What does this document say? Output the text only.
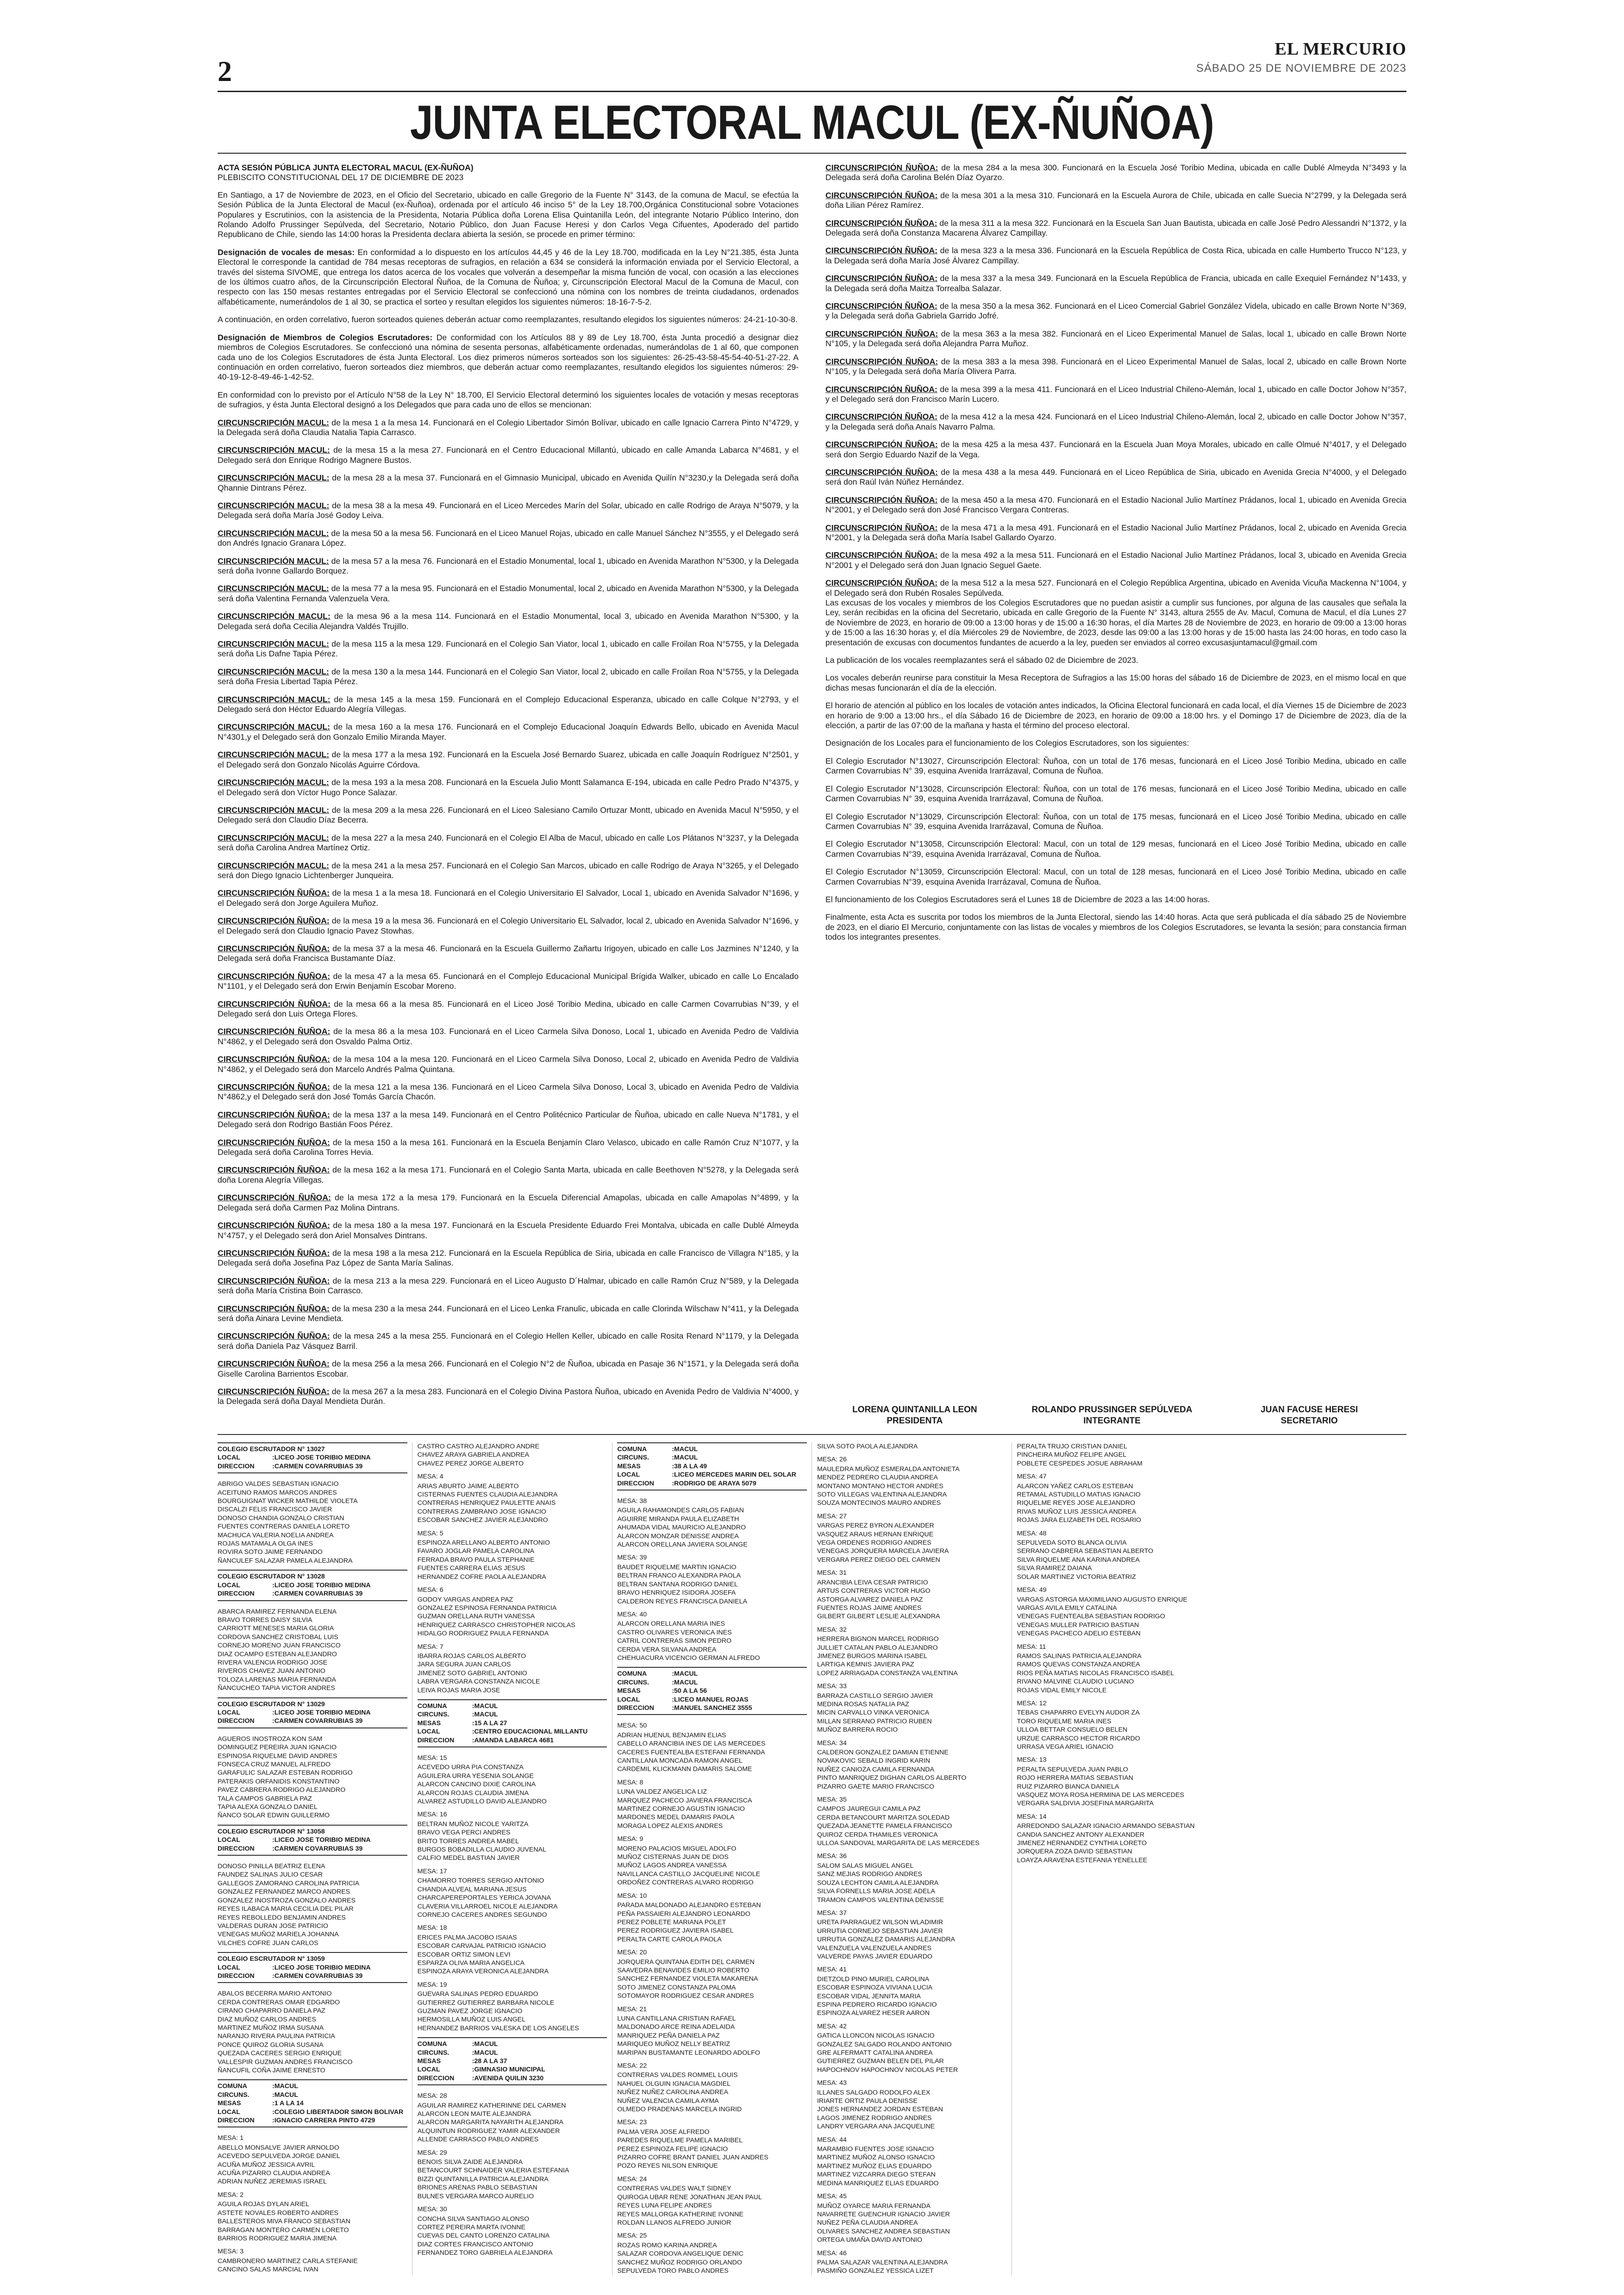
2
EL MERCURIO
SÁBADO 25 DE NOVIEMBRE DE 2023
JUNTA ELECTORAL MACUL (EX-ÑUÑOA)

ACTA SESIÓN PÚBLICA JUNTA ELECTORAL MACUL (EX-ÑUÑOA)

PLEBISCITO CONSTITUCIONAL DEL 17 DE DICIEMBRE DE 2023

En Santiago, a 17 de Noviembre de 2023, en el Oficio del Secretario, ubicado en calle Gregorio de la Fuente N° 3143, de la comuna de Macul, se efectúa la Sesión Pública de la Junta Electoral de Macul (ex-Ñuñoa), ordenada por el artículo 46 inciso 5° de la Ley 18.700,Orgánica Constitucional sobre Votaciones Populares y Escrutinios, con la asistencia de la Presidenta, Notaria Pública doña Lorena Elisa Quintanilla León, del integrante Notario Público Interino, don Rolando Adolfo Prussinger Sepúlveda, del Secretario, Notario Público, don Juan Facuse Heresi y don Carlos Vega Cifuentes, Apoderado del partido Republicano de Chile, siendo las 14:00 horas la Presidenta declara abierta la sesión, se procede en primer término:

Designación de vocales de mesas: En conformidad a lo dispuesto en los artículos 44,45 y 46 de la Ley 18.700, modificada en la Ley N°21.385, ésta Junta Electoral le corresponde la cantidad de 784 mesas receptoras de sufragios, en relación a 634 se considerá la información enviada por el Servicio Electoral, a través del sistema SIVOME, que entrega los datos acerca de los vocales que volverán a desempeñar la misma función de vocal, con ocasión a las elecciones de los últimos cuatro años, de la Circunscripción Electoral Ñuñoa, de la Comuna de Ñuñoa; y, Circunscripción Electoral Macul de la Comuna de Macul, con respecto con las 150 mesas restantes entregadas por el Servicio Electoral se confeccionó una nómina con los nombres de treinta ciudadanos, ordenados alfabéticamente, numerándolos de 1 al 30, se practica el sorteo y resultan elegidos los siguientes números: 18-16-7-5-2.

A continuación, en orden correlativo, fueron sorteados quienes deberán actuar como reemplazantes, resultando elegidos los siguientes números: 24-21-10-30-8.

Designación de Miembros de Colegios Escrutadores: De conformidad con los Artículos 88 y 89 de Ley 18.700, ésta Junta procedió a designar diez miembros de Colegios Escrutadores. Se confeccionó una nómina de sesenta personas, alfabéticamente ordenadas, numerándolas de 1 al 60, que componen cada uno de los Colegios Escrutadores de ésta Junta Electoral. Los diez primeros números sorteados son los siguientes: 26-25-43-58-45-54-40-51-27-22. A continuación en orden correlativo, fueron sorteados diez miembros, que deberán actuar como reemplazantes, resultando elegidos los siguientes números: 29-40-19-12-8-49-46-1-42-52.

En conformidad con lo previsto por el Artículo N°58 de la Ley N° 18.700, El Servicio Electoral determinó los siguientes locales de votación y mesas receptoras de sufragios, y ésta Junta Electoral designó a los Delegados que para cada uno de ellos se mencionan:

CIRCUNSCRIPCIÓN MACUL: de la mesa 1 a la mesa 14. Funcionará en el Colegio Libertador Simón Bolívar, ubicado en calle Ignacio Carrera Pinto N°4729, y la Delegada será doña Claudia Natalia Tapia Carrasco.

CIRCUNSCRIPCIÓN MACUL: de la mesa 15 a la mesa 27. Funcionará en el Centro Educacional Millantú, ubicado en calle Amanda Labarca N°4681, y el Delegado será don Enrique Rodrigo Magnere Bustos.

CIRCUNSCRIPCIÓN MACUL: de la mesa 28 a la mesa 37. Funcionará en el Gimnasio Municipal, ubicado en Avenida Quilín N°3230,y la Delegada será doña Qhannie Dintrans Pérez.

CIRCUNSCRIPCIÓN MACUL: de la mesa 38 a la mesa 49. Funcionará en el Liceo Mercedes Marín del Solar, ubicado en calle Rodrigo de Araya N°5079, y la Delegada será doña María José Godoy Leiva.

CIRCUNSCRIPCIÓN MACUL: de la mesa 50 a la mesa 56. Funcionará en el Liceo Manuel Rojas, ubicado en calle Manuel Sánchez N°3555, y el Delegado será don Andrés Ignacio Granara López.

CIRCUNSCRIPCIÓN MACUL: de la mesa 57 a la mesa 76. Funcionará en el Estadio Monumental, local 1, ubicado en Avenida Marathon N°5300, y la Delegada será doña Ivonne Gallardo Borquez.

CIRCUNSCRIPCIÓN MACUL: de la mesa 77 a la mesa 95. Funcionará en el Estadio Monumental, local 2, ubicado en Avenida Marathon N°5300, y la Delegada será doña Valentina Fernanda Valenzuela Vera.

CIRCUNSCRIPCIÓN MACUL: de la mesa 96 a la mesa 114. Funcionará en el Estadio Monumental, local 3, ubicado en Avenida Marathon N°5300, y la Delegada será doña Cecilia Alejandra Valdés Trujillo.

CIRCUNSCRIPCIÓN MACUL: de la mesa 115 a la mesa 129. Funcionará en el Colegio San Viator, local 1, ubicado en calle Froilan Roa N°5755, y la Delegada será doña Lis Dafne Tapia Pérez.

CIRCUNSCRIPCIÓN MACUL: de la mesa 130 a la mesa 144. Funcionará en el Colegio San Viator, local 2, ubicado en calle Froilan Roa N°5755, y la Delegada será doña Fresia Libertad Tapia Pérez.

CIRCUNSCRIPCIÓN MACUL: de la mesa 145 a la mesa 159. Funcionará en el Complejo Educacional Esperanza, ubicado en calle Colque N°2793, y el Delegado será don Héctor Eduardo Alegría Villegas.

CIRCUNSCRIPCIÓN MACUL: de la mesa 160 a la mesa 176. Funcionará en el Complejo Educacional Joaquín Edwards Bello, ubicado en Avenida Macul N°4301,y el Delegado será don Gonzalo Emilio Miranda Mayer.

CIRCUNSCRIPCIÓN MACUL: de la mesa 177 a la mesa 192. Funcionará en la Escuela José Bernardo Suarez, ubicada en calle Joaquín Rodríguez N°2501, y el Delegado será don Gonzalo Nicolás Aguirre Córdova.

CIRCUNSCRIPCIÓN MACUL: de la mesa 193 a la mesa 208. Funcionará en la Escuela Julio Montt Salamanca E-194, ubicada en calle Pedro Prado N°4375, y el Delegado será don Víctor Hugo Ponce Salazar.

CIRCUNSCRIPCIÓN MACUL: de la mesa 209 a la mesa 226. Funcionará en el Liceo Salesiano Camilo Ortuzar Montt, ubicado en Avenida Macul N°5950, y el Delegado será don Claudio Díaz Becerra.

CIRCUNSCRIPCIÓN MACUL: de la mesa 227 a la mesa 240. Funcionará en el Colegio El Alba de Macul, ubicado en calle Los Plátanos N°3237, y la Delegada será doña Carolina Andrea Martínez Ortiz.

CIRCUNSCRIPCIÓN MACUL: de la mesa 241 a la mesa 257. Funcionará en el Colegio San Marcos, ubicado en calle Rodrigo de Araya N°3265, y el Delegado será don Diego Ignacio Lichtenberger Junqueira.

CIRCUNSCRIPCIÓN ÑUÑOA: de la mesa 1 a la mesa 18. Funcionará en el Colegio Universitario El Salvador, Local 1, ubicado en Avenida Salvador N°1696, y el Delegado será don Jorge Aguilera Muñoz.

CIRCUNSCRIPCIÓN ÑUÑOA: de la mesa 19 a la mesa 36. Funcionará en el Colegio Universitario EL Salvador, local 2, ubicado en Avenida Salvador N°1696, y el Delegado será don Claudio Ignacio Pavez Stowhas.

CIRCUNSCRIPCIÓN ÑUÑOA: de la mesa 37 a la mesa 46. Funcionará en la Escuela Guillermo Zañartu Irigoyen, ubicado en calle Los Jazmines N°1240, y la Delegada será doña Francisca Bustamante Díaz.

CIRCUNSCRIPCIÓN ÑUÑOA: de la mesa 47 a la mesa 65. Funcionará en el Complejo Educacional Municipal Brígida Walker, ubicado en calle Lo Encalado N°1101, y el Delegado será don Erwin Benjamín Escobar Moreno.

CIRCUNSCRIPCIÓN ÑUÑOA: de la mesa 66 a la mesa 85. Funcionará en el Liceo José Toribio Medina, ubicado en calle Carmen Covarrubias N°39, y el Delegado será don Luis Ortega Flores.

CIRCUNSCRIPCIÓN ÑUÑOA: de la mesa 86 a la mesa 103. Funcionará en el Liceo Carmela Silva Donoso, Local 1, ubicado en Avenida Pedro de Valdivia N°4862, y el Delegado será don Osvaldo Palma Ortiz.

CIRCUNSCRIPCIÓN ÑUÑOA: de la mesa 104 a la mesa 120. Funcionará en el Liceo Carmela Silva Donoso, Local 2, ubicado en Avenida Pedro de Valdivia N°4862, y el Delegado será don Marcelo Andrés Palma Quintana.

CIRCUNSCRIPCIÓN ÑUÑOA: de la mesa 121 a la mesa 136. Funcionará en el Liceo Carmela Silva Donoso, Local 3, ubicado en Avenida Pedro de Valdivia N°4862,y el Delegado será don José Tomás García Chacón.

CIRCUNSCRIPCIÓN ÑUÑOA: de la mesa 137 a la mesa 149. Funcionará en el Centro Politécnico Particular de Ñuñoa, ubicado en calle Nueva N°1781, y el Delegado será don Rodrigo Bastián Foos Pérez.

CIRCUNSCRIPCIÓN ÑUÑOA: de la mesa 150 a la mesa 161. Funcionará en la Escuela Benjamín Claro Velasco, ubicado en calle Ramón Cruz N°1077, y la Delegada será doña Carolina Torres Hevia.

CIRCUNSCRIPCIÓN ÑUÑOA: de la mesa 162 a la mesa 171. Funcionará en el Colegio Santa Marta, ubicada en calle Beethoven N°5278, y la Delegada será doña Lorena Alegría Villegas.

CIRCUNSCRIPCIÓN ÑUÑOA: de la mesa 172 a la mesa 179. Funcionará en la Escuela Diferencial Amapolas, ubicada en calle Amapolas N°4899, y la Delegada será doña Carmen Paz Molina Dintrans.

CIRCUNSCRIPCIÓN ÑUÑOA: de la mesa 180 a la mesa 197. Funcionará en la Escuela Presidente Eduardo Frei Montalva, ubicada en calle Dublé Almeyda N°4757, y el Delegado será don Ariel Monsalves Dintrans.

CIRCUNSCRIPCIÓN ÑUÑOA: de la mesa 198 a la mesa 212. Funcionará en la Escuela República de Siria, ubicada en calle Francisco de Villagra N°185, y la Delegada será doña Josefina Paz López de Santa María Salinas.

CIRCUNSCRIPCIÓN ÑUÑOA: de la mesa 213 a la mesa 229. Funcionará en el Liceo Augusto D´Halmar, ubicado en calle Ramón Cruz N°589, y la Delegada será doña María Cristina Boin Carrasco.

CIRCUNSCRIPCIÓN ÑUÑOA: de la mesa 230 a la mesa 244. Funcionará en el Liceo Lenka Franulic, ubicada en calle Clorinda Wilschaw N°411, y la Delegada será doña Ainara Levine Mendieta.

CIRCUNSCRIPCIÓN ÑUÑOA: de la mesa 245 a la mesa 255. Funcionará en el Colegio Hellen Keller, ubicado en calle Rosita Renard N°1179, y la Delegada será doña Daniela Paz Vásquez Barril.

CIRCUNSCRIPCIÓN ÑUÑOA: de la mesa 256 a la mesa 266. Funcionará en el Colegio N°2 de Ñuñoa, ubicada en Pasaje 36 N°1571, y la Delegada será doña Giselle Carolina Barrientos Escobar.

CIRCUNSCRIPCIÓN ÑUÑOA: de la mesa 267 a la mesa 283. Funcionará en el Colegio Divina Pastora Ñuñoa, ubicado en Avenida Pedro de Valdivia N°4000, y la Delegada será doña Dayal Mendieta Durán.

CIRCUNSCRIPCIÓN ÑUÑOA: de la mesa 284 a la mesa 300. Funcionará en la Escuela José Toribio Medina, ubicada en calle Dublé Almeyda N°3493 y la Delegada será doña Carolina Belén Díaz Oyarzo.

CIRCUNSCRIPCIÓN ÑUÑOA: de la mesa 301 a la mesa 310. Funcionará en la Escuela Aurora de Chile, ubicada en calle Suecia N°2799, y la Delegada será doña Lilian Pérez Ramírez.

CIRCUNSCRIPCIÓN ÑUÑOA: de la mesa 311 a la mesa 322. Funcionará en la Escuela San Juan Bautista, ubicada en calle José Pedro Alessandri N°1372, y la Delegada será doña Constanza Macarena Álvarez Campillay.

CIRCUNSCRIPCIÓN ÑUÑOA: de la mesa 323 a la mesa 336. Funcionará en la Escuela República de Costa Rica, ubicada en calle Humberto Trucco N°123, y la Delegada será doña María José Álvarez Campillay.

CIRCUNSCRIPCIÓN ÑUÑOA: de la mesa 337 a la mesa 349. Funcionará en la Escuela República de Francia, ubicada en calle Exequiel Fernández N°1433, y la Delegada será doña Maitza Torrealba Salazar.

CIRCUNSCRIPCIÓN ÑUÑOA: de la mesa 350 a la mesa 362. Funcionará en el Liceo Comercial Gabriel González Videla, ubicado en calle Brown Norte N°369, y la Delegada será doña Gabriela Garrido Jofré.

CIRCUNSCRIPCIÓN ÑUÑOA: de la mesa 363 a la mesa 382. Funcionará en el Liceo Experimental Manuel de Salas, local 1, ubicado en calle Brown Norte N°105, y la Delegada será doña Alejandra Parra Muñoz.

CIRCUNSCRIPCIÓN ÑUÑOA: de la mesa 383 a la mesa 398. Funcionará en el Liceo Experimental Manuel de Salas, local 2, ubicado en calle Brown Norte N°105, y la Delegada será doña María Olivera Parra.

CIRCUNSCRIPCIÓN ÑUÑOA: de la mesa 399 a la mesa 411. Funcionará en el Liceo Industrial Chileno-Alemán, local 1, ubicado en calle Doctor Johow N°357, y el Delegado será don Francisco Marín Lucero.

CIRCUNSCRIPCIÓN ÑUÑOA: de la mesa 412 a la mesa 424. Funcionará en el Liceo Industrial Chileno-Alemán, local 2, ubicado en calle Doctor Johow N°357, y la Delegada será doña Anaís Navarro Palma.

CIRCUNSCRIPCIÓN ÑUÑOA: de la mesa 425 a la mesa 437. Funcionará en la Escuela Juan Moya Morales, ubicado en calle Olmué N°4017, y el Delegado será don Sergio Eduardo Nazif de la Vega.

CIRCUNSCRIPCIÓN ÑUÑOA: de la mesa 438 a la mesa 449. Funcionará en el Liceo República de Siria, ubicado en Avenida Grecia N°4000, y el Delegado será don Raúl Iván Núñez Hernández.

CIRCUNSCRIPCIÓN ÑUÑOA: de la mesa 450 a la mesa 470. Funcionará en el Estadio Nacional Julio Martínez Prádanos, local 1, ubicado en Avenida Grecia N°2001, y el Delegado será don José Francisco Vergara Contreras.

CIRCUNSCRIPCIÓN ÑUÑOA: de la mesa 471 a la mesa 491. Funcionará en el Estadio Nacional Julio Martínez Prádanos, local 2, ubicado en Avenida Grecia N°2001, y la Delegada será doña María Isabel Gallardo Oyarzo.

CIRCUNSCRIPCIÓN ÑUÑOA: de la mesa 492 a la mesa 511. Funcionará en el Estadio Nacional Julio Martínez Prádanos, local 3, ubicado en Avenida Grecia N°2001 y el Delegado será don Juan Ignacio Seguel Gaete.

CIRCUNSCRIPCIÓN ÑUÑOA: de la mesa 512 a la mesa 527. Funcionará en el Colegio República Argentina, ubicado en Avenida Vicuña Mackenna N°1004, y el Delegado será don Rubén Rosales Sepúlveda.

Las excusas de los vocales y miembros de los Colegios Escrutadores que no puedan asistir a cumplir sus funciones, por alguna de las causales que señala la Ley, serán recibidas en la oficina del Secretario, ubicada en calle Gregorio de la Fuente N° 3143, altura 2555 de Av. Macul, Comuna de Macul, el día Lunes 27 de Noviembre de 2023, en horario de 09:00 a 13:00 horas y de 15:00 a 16:30 horas, el día Martes 28 de Noviembre de 2023, en horario de 09:00 a 13:00 horas y de 15:00 a las 16:30 horas y, el día Miércoles 29 de Noviembre, de 2023, desde las 09:00 a las 13:00 horas y de 15:00 hasta las 24:00 horas, en todo caso la presentación de excusas con documentos fundantes de acuerdo a la ley, pueden ser enviados al correo excusasjuntamacul@gmail.com

La publicación de los vocales reemplazantes será el sábado 02 de Diciembre de 2023.

Los vocales deberán reunirse para constituir la Mesa Receptora de Sufragios a las 15:00 horas del sábado 16 de Diciembre de 2023, en el mismo local en que dichas mesas funcionarán el día de la elección.

El horario de atención al público en los locales de votación antes indicados, la Oficina Electoral funcionará en cada local, el día Viernes 15 de Diciembre de 2023 en horario de 9:00 a 13:00 hrs., el día Sábado 16 de Diciembre de 2023, en horario de 09:00 a 18:00 hrs. y el Domingo 17 de Diciembre de 2023, día de la elección, a partir de las 07:00 de la mañana y hasta el término del proceso electoral.

Designación de los Locales para el funcionamiento de los Colegios Escrutadores, son los siguientes:

El Colegio Escrutador N°13027, Circunscripción Electoral: Ñuñoa, con un total de 176 mesas, funcionará en el Liceo José Toribio Medina, ubicado en calle Carmen Covarrubias N° 39, esquina Avenida Irarrázaval, Comuna de Ñuñoa.

El Colegio Escrutador N°13028, Circunscripción Electoral: Ñuñoa, con un total de 176 mesas, funcionará en el Liceo José Toribio Medina, ubicado en calle Carmen Covarrubias N° 39, esquina Avenida Irarrázaval, Comuna de Ñuñoa.

El Colegio Escrutador N°13029, Circunscripción Electoral: Ñuñoa, con un total de 175 mesas, funcionará en el Liceo José Toribio Medina, ubicado en calle Carmen Covarrubias N° 39, esquina Avenida Irarrázaval, Comuna de Ñuñoa.

El Colegio Escrutador N°13058, Circunscripción Electoral: Macul, con un total de 129 mesas, funcionará en el Liceo José Toribio Medina, ubicado en calle Carmen Covarrubias N°39, esquina Avenida Irarrázaval, Comuna de Ñuñoa.

El Colegio Escrutador N°13059, Circunscripción Electoral: Macul, con un total de 128 mesas, funcionará en el Liceo José Toribio Medina, ubicado en calle Carmen Covarrubias N°39, esquina Avenida Irarrázaval, Comuna de Ñuñoa.

El funcionamiento de los Colegios Escrutadores será el Lunes 18 de Diciembre de 2023 a las 14:00 horas.

Finalmente, esta Acta es suscrita por todos los miembros de la Junta Electoral, siendo las 14:40 horas. Acta que será publicada el día sábado 25 de Noviembre de 2023, en el diario El Mercurio, conjuntamente con las listas de vocales y miembros de los Colegios Escrutadores, se levanta la sesión; para constancia firman todos los integrantes presentes.

LORENA QUINTANILLA LEON
PRESIDENTA
ROLANDO PRUSSINGER SEPÚLVEDA
INTEGRANTE
JUAN FACUSE HERESI
SECRETARIO
COLEGIO ESCRUTADOR N° 13027
LOCAL	:LICEO JOSE TORIBIO MEDINA
DIRECCION	:CARMEN COVARRUBIAS 39
ABRIGO VALDES SEBASTIAN IGNACIO
ACEITUNO RAMOS MARCOS ANDRES
BOURGUIGNAT WICKER MATHILDE VIOLETA
DISCALZI FELIS FRANCISCO JAVIER
DONOSO CHANDIA GONZALO CRISTIAN
FUENTES CONTRERAS DANIELA LORETO
MACHUCA VALERIA NOELIA ANDREA
ROJAS MATAMALA OLGA INES
ROVIRA SOTO JAIME FERNANDO
ÑANCULEF SALAZAR PAMELA ALEJANDRA
COLEGIO ESCRUTADOR N° 13028
LOCAL	:LICEO JOSE TORIBIO MEDINA
DIRECCION	:CARMEN COVARRUBIAS 39
ABARCA RAMIREZ FERNANDA ELENA
BRAVO TORRES DAISY SILVIA
CARRIOTT MENESES MARIA GLORIA
CORDOVA SANCHEZ CRISTOBAL LUIS
CORNEJO MORENO JUAN FRANCISCO
DIAZ OCAMPO ESTEBAN ALEJANDRO
RIVERA VALENCIA RODRIGO JOSE
RIVEROS CHAVEZ JUAN ANTONIO
TOLOZA LARENAS MARIA FERNANDA
ÑANCUCHEO TAPIA VICTOR ANDRES
COLEGIO ESCRUTADOR N° 13029
LOCAL	:LICEO JOSE TORIBIO MEDINA
DIRECCION	:CARMEN COVARRUBIAS 39
AGUEROS INOSTROZA KON SAM
DOMINGUEZ PEREIRA JUAN IGNACIO
ESPINOSA RIQUELME DAVID ANDRES
FONSECA CRUZ MANUEL ALFREDO
GARAFULIC SALAZAR ESTEBAN RODRIGO
PATERAKIS ORFANIDIS KONSTANTINO
PAVEZ CABRERA RODRIGO ALEJANDRO
TALA CAMPOS GABRIELA PAZ
TAPIA ALEXA GONZALO DANIEL
ÑANCO SOLAR EDWIN GUILLERMO
COLEGIO ESCRUTADOR N° 13058
LOCAL	:LICEO JOSE TORIBIO MEDINA
DIRECCION	:CARMEN COVARRUBIAS 39
DONOSO PINILLA BEATRIZ ELENA
FAUNDEZ SALINAS JULIO CESAR
GALLEGOS ZAMORANO CAROLINA PATRICIA
GONZALEZ FERNANDEZ MARCO ANDRES
GONZALEZ INOSTROZA GONZALO ANDRES
REYES ILABACA MARIA CECILIA DEL PILAR
REYES REBOLLEDO BENJAMIN ANDRES
VALDERAS DURAN JOSE PATRICIO
VENEGAS MUÑOZ MARIELA JOHANNA
VILCHES COFRE JUAN CARLOS
COLEGIO ESCRUTADOR N° 13059
LOCAL	:LICEO JOSE TORIBIO MEDINA
DIRECCION	:CARMEN COVARRUBIAS 39
ABALOS BECERRA MARIO ANTONIO
CERDA CONTRERAS OMAR EDGARDO
CIRANO CHAPARRO DANIELA PAZ
DIAZ MUÑOZ CARLOS ANDRES
MARTINEZ MUÑOZ IRMA SUSANA
NARANJO RIVERA PAULINA PATRICIA
PONCE QUIROZ GLORIA SUSANA
QUEZADA CACERES SERGIO ENRIQUE
VALLESPIR GUZMAN ANDRES FRANCISCO
ÑANCUFIL COÑA JAIME ERNESTO
COMUNA	:MACUL
CIRCUNS.	:MACUL
MESAS	:1 A LA 14
LOCAL	:COLEGIO LIBERTADOR SIMON BOLIVAR
DIRECCION	:IGNACIO CARRERA PINTO 4729
MESA: 1
ABELLO MONSALVE JAVIER ARNOLDO
ACEVEDO SEPULVEDA JORGE DANIEL
ACUÑA MUÑOZ JESSICA AVRIL
ACUÑA PIZARRO CLAUDIA ANDREA
ADRIAN NUÑEZ JEREMIAS ISRAEL
MESA: 2
AGUILA ROJAS DYLAN ARIEL
ASTETE NOVALES ROBERTO ANDRES
BALLESTEROS MIVA FRANCO SEBASTIAN
BARRAGAN MONTERO CARMEN LORETO
BARRIOS RODRIGUEZ MARIA JIMENA
MESA: 3
CAMBRONERO MARTINEZ CARLA STEFANIE
CANCINO SALAS MARCIAL IVAN
CASTRO CASTRO ALEJANDRO ANDRE
CHAVEZ ARAYA GABRIELA ANDREA
CHAVEZ PEREZ JORGE ALBERTO
MESA: 4
ARIAS ABURTO JAIME ALBERTO
CISTERNAS FUENTES CLAUDIA ALEJANDRA
CONTRERAS HENRIQUEZ PAULETTE ANAIS
CONTRERAS ZAMBRANO JOSE IGNACIO
ESCOBAR SANCHEZ JAVIER ALEJANDRO
MESA: 5
ESPINOZA ARELLANO ALBERTO ANTONIO
FAVARO JOGLAR PAMELA CAROLINA
FERRADA BRAVO PAULA STEPHANIE
FUENTES CARRERA ELIAS JESUS
HERNANDEZ COFRE PAOLA ALEJANDRA
MESA: 6
GODOY VARGAS ANDREA PAZ
GONZALEZ ESPINOSA FERNANDA PATRICIA
GUZMAN ORELLANA RUTH VANESSA
HENRIQUEZ CARRASCO CHRISTOPHER NICOLAS
HIDALGO RODRIGUEZ PAULA FERNANDA
MESA: 7
IBARRA ROJAS CARLOS ALBERTO
JARA SEGURA JUAN CARLOS
JIMENEZ SOTO GABRIEL ANTONIO
LABRA VERGARA CONSTANZA NICOLE
LEIVA ROJAS MARIA JOSE
COMUNA	:MACUL
CIRCUNS.	:MACUL
MESAS	:15 A LA 27
LOCAL	:CENTRO EDUCACIONAL MILLANTU
DIRECCION	:AMANDA LABARCA 4681
MESA: 15
ACEVEDO URRA PIA CONSTANZA
AGUILERA URRA YESENIA SOLANGE
ALARCON CANCINO DIXIE CAROLINA
ALARCON ROJAS CLAUDIA JIMENA
ALVAREZ ASTUDILLO DAVID ALEJANDRO
MESA: 16
BELTRAN MUÑOZ NICOLE YARITZA
BRAVO VEGA PERCI ANDRES
BRITO TORRES ANDREA MABEL
BURGOS BOBADILLA CLAUDIO JUVENAL
CALFIO MEDEL BASTIAN JAVIER
MESA: 17
CHAMORRO TORRES SERGIO ANTONIO
CHANDIA ALVEAL MARIANA JESUS
CHARCAPEREPORTALES YERICA JOVANA
CLAVERIA VILLARROEL NICOLE ALEJANDRA
CORNEJO CACERES ANDRES SEGUNDO
MESA: 18
ERICES PALMA JACOBO ISAIAS
ESCOBAR CARVAJAL PATRICIO IGNACIO
ESCOBAR ORTIZ SIMON LEVI
ESPARZA OLIVA MARIA ANGELICA
ESPINOZA ARAYA VERONICA ALEJANDRA
MESA: 19
GUEVARA SALINAS PEDRO EDUARDO
GUTIERREZ GUTIERREZ BARBARA NICOLE
GUZMAN PAVEZ JORGE IGNACIO
HERMOSILLA MUÑOZ LUIS ANGEL
HERNANDEZ BARRIOS VALESKA DE LOS ANGELES
COMUNA	:MACUL
CIRCUNS.	:MACUL
MESAS	:28 A LA 37
LOCAL	:GIMNASIO MUNICIPAL
DIRECCION	:AVENIDA QUILIN 3230
MESA: 28
AGUILAR RAMIREZ KATHERINNE DEL CARMEN
ALARCON LEON MAITE ALEJANDRA
ALARCON MARGARITA NAYARITH ALEJANDRA
ALQUINTUN RODRIGUEZ YAMIR ALEXANDER
ALLENDE CARRASCO PABLO ANDRES
MESA: 29
BENOIS SILVA ZAIDE ALEJANDRA
BETANCOURT SCHNAIDER VALERIA ESTEFANIA
BIZZI QUINTANILLA PATRICIA ALEJANDRA
BRIONES ARENAS PABLO SEBASTIAN
BULNES VERGARA MARCO AURELIO
MESA: 30
CONCHA SILVA SANTIAGO ALONSO
CORTEZ PEREIRA MARTA IVONNE
CUEVAS DEL CANTO LORENZO CATALINA
DIAZ CORTES FRANCISCO ANTONIO
FERNANDEZ TORO GABRIELA ALEJANDRA
COMUNA	:MACUL
CIRCUNS.	:MACUL
MESAS	:38 A LA 49
LOCAL	:LICEO MERCEDES MARIN DEL SOLAR
DIRECCION	:RODRIGO DE ARAYA 5079
MESA: 38
AGUILA RAHAMONDES CARLOS FABIAN
AGUIRRE MIRANDA PAULA ELIZABETH
AHUMADA VIDAL MAURICIO ALEJANDRO
ALARCON MONZAR DENISSE ANDREA
ALARCON ORELLANA JAVIERA SOLANGE
MESA: 39
BAUDET RIQUELME MARTIN IGNACIO
BELTRAN FRANCO ALEXANDRA PAOLA
BELTRAN SANTANA RODRIGO DANIEL
BRAVO HENRIQUEZ ISIDORA JOSEFA
CALDERON REYES FRANCISCA DANIELA
MESA: 40
ALARCON ORELLANA MARIA INES
CASTRO OLIVARES VERONICA INES
CATRIL CONTRERAS SIMON PEDRO
CERDA VERA SILVANA ANDREA
CHEHUACURA VICENCIO GERMAN ALFREDO
COMUNA	:MACUL
CIRCUNS.	:MACUL
MESAS	:50 A LA 56
LOCAL	:LICEO MANUEL ROJAS
DIRECCION	:MANUEL SANCHEZ 3555
MESA: 50
ADRIAN HUENUL BENJAMIN ELIAS
CABELLO ARANCIBIA INES DE LAS MERCEDES
CACERES FUENTEALBA ESTEFANI FERNANDA
CANTILLANA MONCADA RAMON ANGEL
CARDEMIL KLICKMANN DAMARIS SALOME
MESA: 8
LUNA VALDEZ ANGELICA LIZ
MARQUEZ PACHECO JAVIERA FRANCISCA
MARTINEZ CORNEJO AGUSTIN IGNACIO
MARDONES MEDEL DAMARIS PAOLA
MORAGA LOPEZ ALEXIS ANDRES
MESA: 9
MORENO PALACIOS MIGUEL ADOLFO
MUÑOZ CISTERNAS JUAN DE DIOS
MUÑOZ LAGOS ANDREA VANESSA
NAVILLANCA CASTILLO JACQUELINE NICOLE
ORDOÑEZ CONTRERAS ALVARO RODRIGO
MESA: 10
PARADA MALDONADO ALEJANDRO ESTEBAN
PEÑA PASSAIERI ALEJANDRO LEONARDO
PEREZ POBLETE MARIANA POLET
PEREZ RODRIGUEZ JAVIERA ISABEL
PERALTA CARTE CAROLA PAOLA
MESA: 20
JORQUERA QUINTANA EDITH DEL CARMEN
SAAVEDRA BENAVIDES EMILIO ROBERTO
SANCHEZ FERNANDEZ VIOLETA MAKARENA
SOTO JIMENEZ CONSTANZA PALOMA
SOTOMAYOR RODRIGUEZ CESAR ANDRES
MESA: 21
LUNA CANTILLANA CRISTIAN RAFAEL
MALDONADO ARCE REINA ADELAIDA
MANRIQUEZ PEÑA DANIELA PAZ
MARIQUEO MUÑOZ NELLY BEATRIZ
MARIPAN BUSTAMANTE LEONARDO ADOLFO
MESA: 22
CONTRERAS VALDES ROMMEL LOUIS
NAHUEL OLGUIN IGNACIA MAGDIEL
NUÑEZ NUÑEZ CAROLINA ANDREA
NUÑEZ VALENCIA CAMILA AYMA
OLMEDO PRADENAS MARCELA INGRID
MESA: 23
PALMA VERA JOSE ALFREDO
PAREDES RIQUELME PAMELA MARIBEL
PEREZ ESPINOZA FELIPE IGNACIO
PIZARRO COFRE BRANT DANIEL JUAN ANDRES
POZO REYES NILSON ENRIQUE
MESA: 24
CONTRERAS VALDES WALT SIDNEY
QUIROGA UBAR RENE JONATHAN JEAN PAUL
REYES LUNA FELIPE ANDRES
REYES MALLORGA KATHERINE IVONNE
ROLDAN LLANOS ALFREDO JUNIOR
MESA: 25
ROZAS ROMO KARINA ANDREA
SALAZAR CORDOVA ANGELIQUE DENIC
SANCHEZ MUÑOZ RODRIGO ORLANDO
SEPULVEDA TORO PABLO ANDRES
SILVA SOTO PAOLA ALEJANDRA
MESA: 26
MAULEDRA MUÑOZ ESMERALDA ANTONIETA
MENDEZ PEDRERO CLAUDIA ANDREA
MONTANO MONTANO HECTOR ANDRES
SOTO VILLEGAS VALENTINA ALEJANDRA
SOUZA MONTECINOS MAURO ANDRES
MESA: 27
VARGAS PEREZ BYRON ALEXANDER
VASQUEZ ARAUS HERNAN ENRIQUE
VEGA ORDENES RODRIGO ANDRES
VENEGAS JORQUERA MARCELA JAVIERA
VERGARA PEREZ DIEGO DEL CARMEN
MESA: 31
ARANCIBIA LEIVA CESAR PATRICIO
ARTUS CONTRERAS VICTOR HUGO
ASTORGA ALVAREZ DANIELA PAZ
FUENTES ROJAS JAIME ANDRES
GILBERT GILBERT LESLIE ALEXANDRA
MESA: 32
HERRERA BIGNON MARCEL RODRIGO
JULLIET CATALAN PABLO ALEJANDRO
JIMENEZ BURGOS MARINA ISABEL
LARTIGA KEMNIS JAVIERA PAZ
LOPEZ ARRIAGADA CONSTANZA VALENTINA
MESA: 33
BARRAZA CASTILLO SERGIO JAVIER
MEDINA ROSAS NATALIA PAZ
MICIN CARVALLO VINKA VERONICA
MILLAN SERRANO PATRICIO RUBEN
MUÑOZ BARRERA ROCIO
MESA: 34
CALDERON GONZALEZ DAMIAN ETIENNE
NOVAKOVIC SEBALD INGRID KARIN
NUÑEZ CANIOZA CAMILA FERNANDA
PINTO MANRIQUEZ DIGHAN CARLOS ALBERTO
PIZARRO GAETE MARIO FRANCISCO
MESA: 35
CAMPOS JAUREGUI CAMILA PAZ
CERDA BETANCOURT MARITZA SOLEDAD
QUEZADA JEANETTE PAMELA FRANCISCO
QUIROZ CERDA THAMILES VERONICA
ULLOA SANDOVAL MARGARITA DE LAS MERCEDES
MESA: 36
SALOM SALAS MIGUEL ANGEL
SANZ MEJIAS RODRIGO ANDRES
SOUZA LECHTON CAMILA ALEJANDRA
SILVA FORNELLS MARIA JOSE ADELA
TRAMON CAMPOS VALENTINA DENISSE
MESA: 37
URETA PARRAGUEZ WILSON WLADIMIR
URRUTIA CORNEJO SEBASTIAN JAVIER
URRUTIA GONZALEZ DAMARIS ALEJANDRA
VALENZUELA VALENZUELA ANDRES
VALVERDE PAYAS JAVIER EDUARDO
MESA: 41
DIETZOLD PINO MURIEL CAROLINA
ESCOBAR ESPINOZA VIVIANA LUCIA
ESCOBAR VIDAL JENNITA MARIA
ESPINA PEDRERO RICARDO IGNACIO
ESPINOZA ALVAREZ HESER AARON
MESA: 42
GATICA LLONCON NICOLAS IGNACIO
GONZALEZ SALGADO ROLANDO ANTONIO
GRE ALFERMATT CATALINA ANDREA
GUTIERREZ GUZMAN BELEN DEL PILAR
HAPOCHNOV HAPOCHNOV NICOLAS PETER
MESA: 43
ILLANES SALGADO RODOLFO ALEX
IRIARTE ORTIZ PAULA DENISSE
JONES HERNANDEZ JORDAN ESTEBAN
LAGOS JIMENEZ RODRIGO ANDRES
LANDRY VERGARA ANA JACQUELINE
MESA: 44
MARAMBIO FUENTES JOSE IGNACIO
MARTINEZ MUÑOZ ALONSO IGNACIO
MARTINEZ MUÑOZ ELIAS EDUARDO
MARTINEZ VIZCARRA DIEGO STEFAN
MEDINA MANRIQUEZ ELIAS EDUARDO
MESA: 45
MUÑOZ OYARCE MARIA FERNANDA
NAVARRETE GUENCHUR IGNACIO JAVIER
NUÑEZ PEÑA CLAUDIA ANDREA
OLIVARES SANCHEZ ANDREA SEBASTIAN
ORTEGA UMAÑA DAVID ANTONIO
MESA: 46
PALMA SALAZAR VALENTINA ALEJANDRA
PASMIÑO GONZALEZ YESSICA LIZET
PERALTA TRUJO CRISTIAN DANIEL
PINCHEIRA MUÑOZ FELIPE ANGEL
POBLETE CESPEDES JOSUE ABRAHAM
MESA: 47
ALARCON YAÑEZ CARLOS ESTEBAN
RETAMAL ASTUDILLO MATIAS IGNACIO
RIQUELME REYES JOSE ALEJANDRO
RIVAS MUÑOZ LUIS JESSICA ANDREA
ROJAS JARA ELIZABETH DEL ROSARIO
MESA: 48
SEPULVEDA SOTO BLANCA OLIVIA
SERRANO CABRERA SEBASTIAN ALBERTO
SILVA RIQUELME ANA KARINA ANDREA
SILVA RAMIREZ DAIANA
SOLAR MARTINEZ VICTORIA BEATRIZ
MESA: 49
VARGAS ASTORGA MAXIMILIANO AUGUSTO ENRIQUE
VARGAS AVILA EMILY CATALINA
VENEGAS FUENTEALBA SEBASTIAN RODRIGO
VENEGAS MULLER PATRICIO BASTIAN
VENEGAS PACHECO ADELIO ESTEBAN
MESA: 11
RAMOS SALINAS PATRICIA ALEJANDRA
RAMOS QUEVAS CONSTANZA ANDREA
RIOS PEÑA MATIAS NICOLAS FRANCISCO ISABEL
RIVANO MALVINE CLAUDIO LUCIANO
ROJAS VIDAL EMILY NICOLE
MESA: 12
TEBAS CHAPARRO EVELYN AUDOR ZA
TORO RIQUELME MARIA INES
ULLOA BETTAR CONSUELO BELEN
URZUE CARRASCO HECTOR RICARDO
URRASA VEGA ARIEL IGNACIO
MESA: 13
PERALTA SEPULVEDA JUAN PABLO
ROJO HERRERA MATIAS SEBASTIAN
RUIZ PIZARRO BIANCA DANIELA
VASQUEZ MOYA ROSA HERMINA DE LAS MERCEDES
VERGARA SALDIVIA JOSEFINA MARGARITA
MESA: 14
ARREDONDO SALAZAR IGNACIO ARMANDO SEBASTIAN
CANDIA SANCHEZ ANTONY ALEXANDER
JIMENEZ HERNANDEZ CYNTHIA LORETO
JORQUERA ZOZA DAVID SEBASTIAN
LOAYZA ARAVENA ESTEFANIA YENELLEE
